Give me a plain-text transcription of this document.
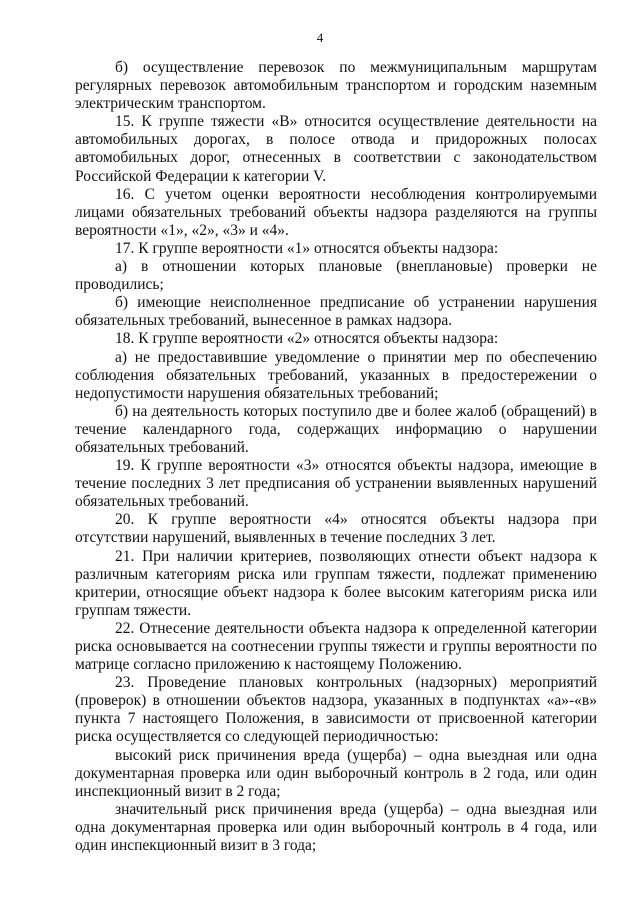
4

б) осуществление перевозок по межмуниципальным маршрутам регулярных перевозок автомобильным транспортом и городским наземным электрическим транспортом.

15. К группе тяжести «В» относится осуществление деятельности на автомобильных дорогах, в полосе отвода и придорожных полосах автомобильных дорог, отнесенных в соответствии с законодательством Российской Федерации к категории V.

16. С учетом оценки вероятности несоблюдения контролируемыми лицами обязательных требований объекты надзора разделяются на группы вероятности «1», «2», «3» и «4».

17. К группе вероятности «1» относятся объекты надзора:

а) в отношении которых плановые (внеплановые) проверки не проводились;

б) имеющие неисполненное предписание об устранении нарушения обязательных требований, вынесенное в рамках надзора.

18. К группе вероятности «2» относятся объекты надзора:

а) не предоставившие уведомление о принятии мер по обеспечению соблюдения обязательных требований, указанных в предостережении о недопустимости нарушения обязательных требований;

б) на деятельность которых поступило две и более жалоб (обращений) в течение календарного года, содержащих информацию о нарушении обязательных требований.

19. К группе вероятности «3» относятся объекты надзора, имеющие в течение последних 3 лет предписания об устранении выявленных нарушений обязательных требований.

20. К группе вероятности «4» относятся объекты надзора при отсутствии нарушений, выявленных в течение последних 3 лет.

21. При наличии критериев, позволяющих отнести объект надзора к различным категориям риска или группам тяжести, подлежат применению критерии, относящие объект надзора к более высоким категориям риска или группам тяжести.

22. Отнесение деятельности объекта надзора к определенной категории риска основывается на соотнесении группы тяжести и группы вероятности по матрице согласно приложению к настоящему Положению.

23. Проведение плановых контрольных (надзорных) мероприятий (проверок) в отношении объектов надзора, указанных в подпунктах «а»-«в» пункта 7 настоящего Положения, в зависимости от присвоенной категории риска осуществляется со следующей периодичностью:

высокий риск причинения вреда (ущерба) – одна выездная или одна документарная проверка или один выборочный контроль в 2 года, или один инспекционный визит в 2 года;

значительный риск причинения вреда (ущерба) – одна выездная или одна документарная проверка или один выборочный контроль в 4 года, или один инспекционный визит в 3 года;
